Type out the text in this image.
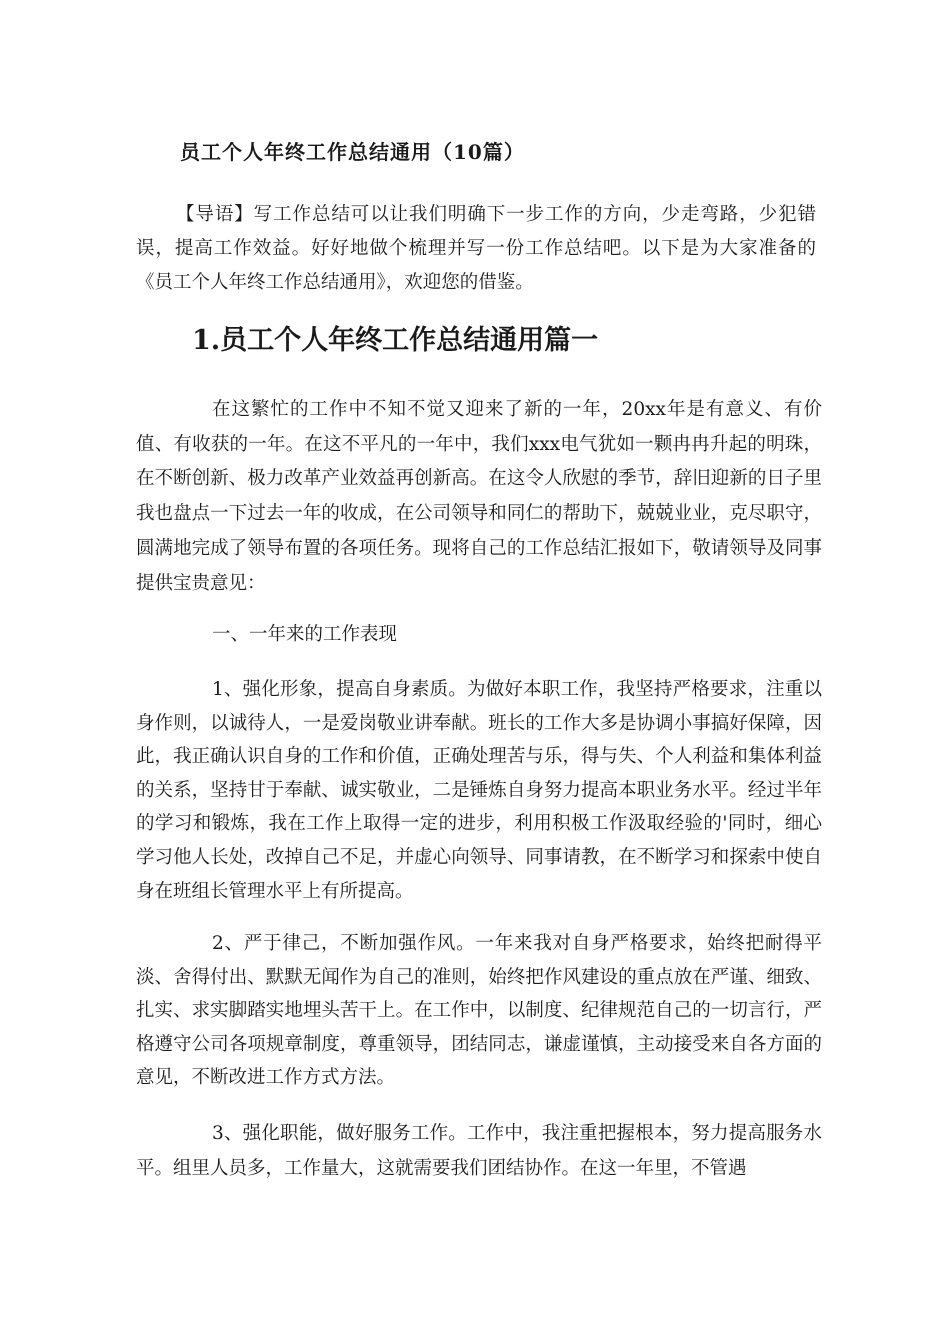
员工个人年终工作总结通用（10篇）

【导语】写工作总结可以让我们明确下一步工作的方向，少走弯路，少犯错误，提高工作效益。好好地做个梳理并写一份工作总结吧。以下是为大家准备的《员工个人年终工作总结通用》，欢迎您的借鉴。

1.员工个人年终工作总结通用篇一

在这繁忙的工作中不知不觉又迎来了新的一年，20xx年是有意义、有价值、有收获的一年。在这不平凡的一年中，我们xxx电气犹如一颗冉冉升起的明珠，在不断创新、极力改革产业效益再创新高。在这令人欣慰的季节，辞旧迎新的日子里我也盘点一下过去一年的收成，在公司领导和同仁的帮助下，兢兢业业，克尽职守，圆满地完成了领导布置的各项任务。现将自己的工作总结汇报如下，敬请领导及同事提供宝贵意见：

一、一年来的工作表现

1、强化形象，提高自身素质。为做好本职工作，我坚持严格要求，注重以身作则，以诚待人，一是爱岗敬业讲奉献。班长的工作大多是协调小事搞好保障，因此，我正确认识自身的工作和价值，正确处理苦与乐，得与失、个人利益和集体利益的关系，坚持甘于奉献、诚实敬业，二是锤炼自身努力提高本职业务水平。经过半年的学习和锻炼，我在工作上取得一定的进步，利用积极工作汲取经验的'同时，细心学习他人长处，改掉自己不足，并虚心向领导、同事请教，在不断学习和探索中使自身在班组长管理水平上有所提高。

2、严于律己，不断加强作风。一年来我对自身严格要求，始终把耐得平淡、舍得付出、默默无闻作为自己的准则，始终把作风建设的重点放在严谨、细致、扎实、求实脚踏实地埋头苦干上。在工作中，以制度、纪律规范自己的一切言行，严格遵守公司各项规章制度，尊重领导，团结同志，谦虚谨慎，主动接受来自各方面的意见，不断改进工作方式方法。

3、强化职能，做好服务工作。工作中，我注重把握根本，努力提高服务水平。组里人员多，工作量大，这就需要我们团结协作。在这一年里，不管遇
